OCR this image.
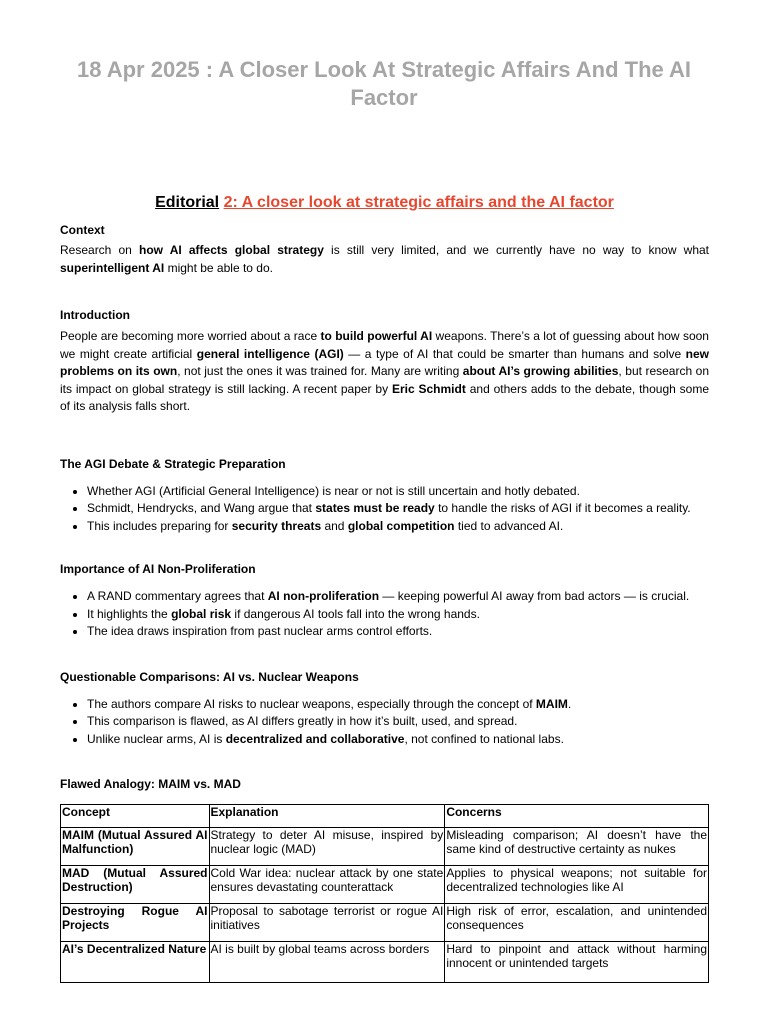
18 Apr 2025 : A Closer Look At Strategic Affairs And The AI Factor
Editorial 2: A closer look at strategic affairs and the AI factor
Context

Research on how AI affects global strategy is still very limited, and we currently have no way to know what superintelligent AI might be able to do.

Introduction

People are becoming more worried about a race to build powerful AI weapons. There’s a lot of guessing about how soon we might create artificial general intelligence (AGI) — a type of AI that could be smarter than humans and solve new problems on its own, not just the ones it was trained for. Many are writing about AI’s growing abilities, but research on its impact on global strategy is still lacking. A recent paper by Eric Schmidt and others adds to the debate, though some of its analysis falls short.

The AGI Debate & Strategic Preparation
• Whether AGI (Artificial General Intelligence) is near or not is still uncertain and hotly debated.
• Schmidt, Hendrycks, and Wang argue that states must be ready to handle the risks of AGI if it becomes a reality.
• This includes preparing for security threats and global competition tied to advanced AI.
Importance of AI Non-Proliferation
• A RAND commentary agrees that AI non-proliferation — keeping powerful AI away from bad actors — is crucial.
• It highlights the global risk if dangerous AI tools fall into the wrong hands.
• The idea draws inspiration from past nuclear arms control efforts.
Questionable Comparisons: AI vs. Nuclear Weapons
• The authors compare AI risks to nuclear weapons, especially through the concept of MAIM.
• This comparison is flawed, as AI differs greatly in how it’s built, used, and spread.
• Unlike nuclear arms, AI is decentralized and collaborative, not confined to national labs.
Flawed Analogy: MAIM vs. MAD
Concept	Explanation	Concerns
MAIM (Mutual Assured AI Malfunction)	Strategy to deter AI misuse, inspired by nuclear logic (MAD)	Misleading comparison; AI doesn’t have the same kind of destructive certainty as nukes
MAD (Mutual Assured Destruction)	Cold War idea: nuclear attack by one state ensures devastating counterattack	Applies to physical weapons; not suitable for decentralized technologies like AI
Destroying Rogue AI Projects	Proposal to sabotage terrorist or rogue AI initiatives	High risk of error, escalation, and unintended consequences
AI’s Decentralized Nature	AI is built by global teams across borders	Hard to pinpoint and attack without harming innocent or unintended targets
